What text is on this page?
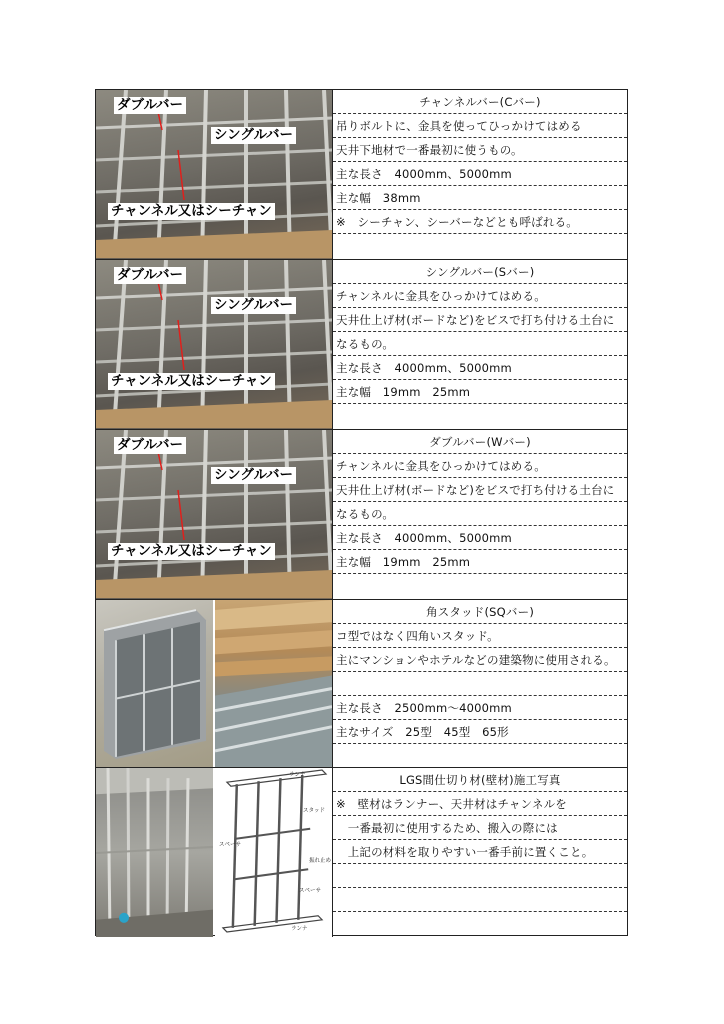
ダブルバー
シングルバー
チャンネル又はシーチャン
チャンネルバー(Cバー)
吊りボルトに、金具を使ってひっかけてはめる
天井下地材で一番最初に使うもの。
主な長さ　4000mm、5000mm
主な幅　38mm
※　シーチャン、シーバーなどとも呼ばれる。
ダブルバー
シングルバー
チャンネル又はシーチャン
シングルバー(Sバー)
チャンネルに金具をひっかけてはめる。
天井仕上げ材(ボードなど)をビスで打ち付ける土台に
なるもの。
主な長さ　4000mm、5000mm
主な幅　19mm　25mm
ダブルバー
シングルバー
チャンネル又はシーチャン
ダブルバー(Wバー)
チャンネルに金具をひっかけてはめる。
天井仕上げ材(ボードなど)をビスで打ち付ける土台に
なるもの。
主な長さ　4000mm、5000mm
主な幅　19mm　25mm
角スタッド(SQバー)
コ型ではなく四角いスタッド。
主にマンションやホテルなどの建築物に使用される。
主な長さ　2500mm～4000mm
主なサイズ　25型　45型　65形
ランナ
スタッド
スペーサ
振れ止め
スペーサ
ランナ
LGS間仕切り材(壁材)施工写真
※　壁材はランナー、天井材はチャンネルを
　一番最初に使用するため、搬入の際には
　上記の材料を取りやすい一番手前に置くこと。
